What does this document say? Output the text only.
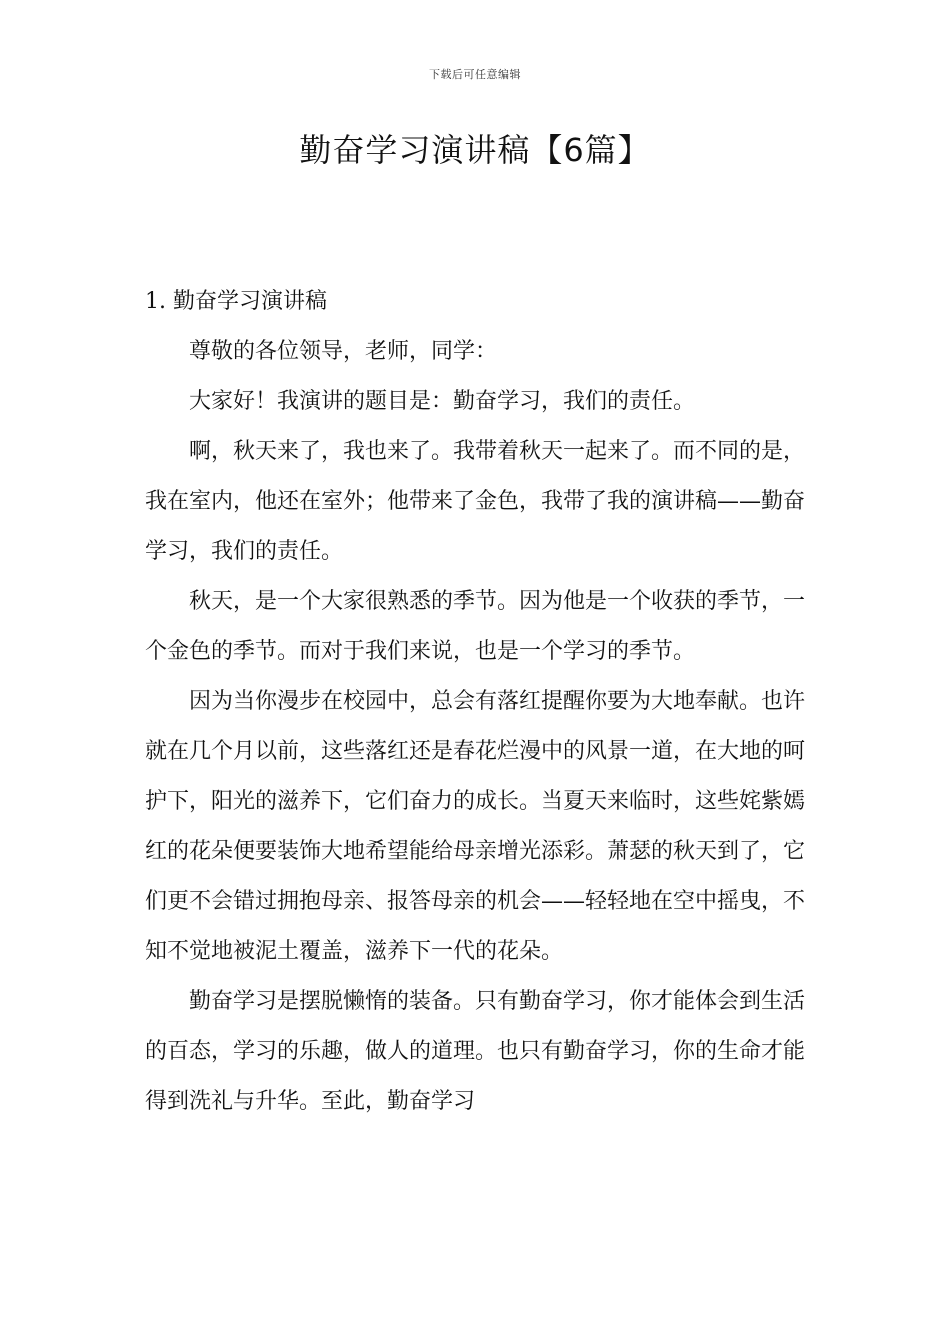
下载后可任意编辑
勤奋学习演讲稿【6篇】

1. 勤奋学习演讲稿

尊敬的各位领导，老师，同学：

大家好！我演讲的题目是：勤奋学习，我们的责任。

啊，秋天来了，我也来了。我带着秋天一起来了。而不同的是，我在室内，他还在室外；他带来了金色，我带了我的演讲稿——勤奋学习，我们的责任。

秋天，是一个大家很熟悉的季节。因为他是一个收获的季节，一个金色的季节。而对于我们来说，也是一个学习的季节。

因为当你漫步在校园中，总会有落红提醒你要为大地奉献。也许就在几个月以前，这些落红还是春花烂漫中的风景一道，在大地的呵护下，阳光的滋养下，它们奋力的成长。当夏天来临时，这些姹紫嫣红的花朵便要装饰大地希望能给母亲增光添彩。萧瑟的秋天到了，它们更不会错过拥抱母亲、报答母亲的机会——轻轻地在空中摇曳，不知不觉地被泥土覆盖，滋养下一代的花朵。

勤奋学习是摆脱懒惰的装备。只有勤奋学习，你才能体会到生活的百态，学习的乐趣，做人的道理。也只有勤奋学习，你的生命才能得到洗礼与升华。至此，勤奋学习
